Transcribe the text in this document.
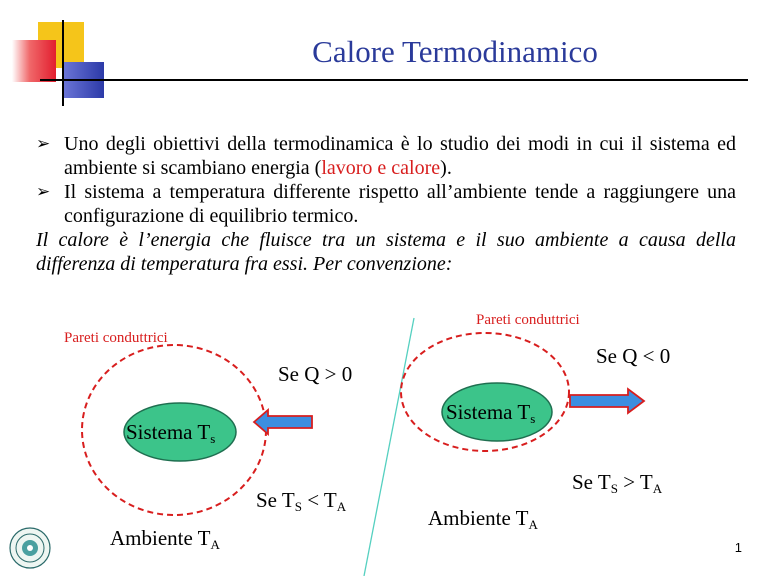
Calore Termodinamico
➢ Uno degli obiettivi della termodinamica è lo studio dei modi in cui il sistema ed ambiente si scambiano energia (lavoro e calore).
➢ Il sistema a temperatura differente rispetto all’ambiente tende a raggiungere una configurazione di equilibrio termico.
Il calore è l’energia che fluisce tra un sistema e il suo ambiente a causa della differenza di temperatura fra essi. Per convenzione:
Pareti conduttrici
Se Q > 0
Sistema $T_s$
Se $T_S < T_A$
Ambiente $T_A$
Pareti conduttrici
Se Q < 0
Sistema $T_s$
Se $T_S > T_A$
Ambiente $T_A$
1
